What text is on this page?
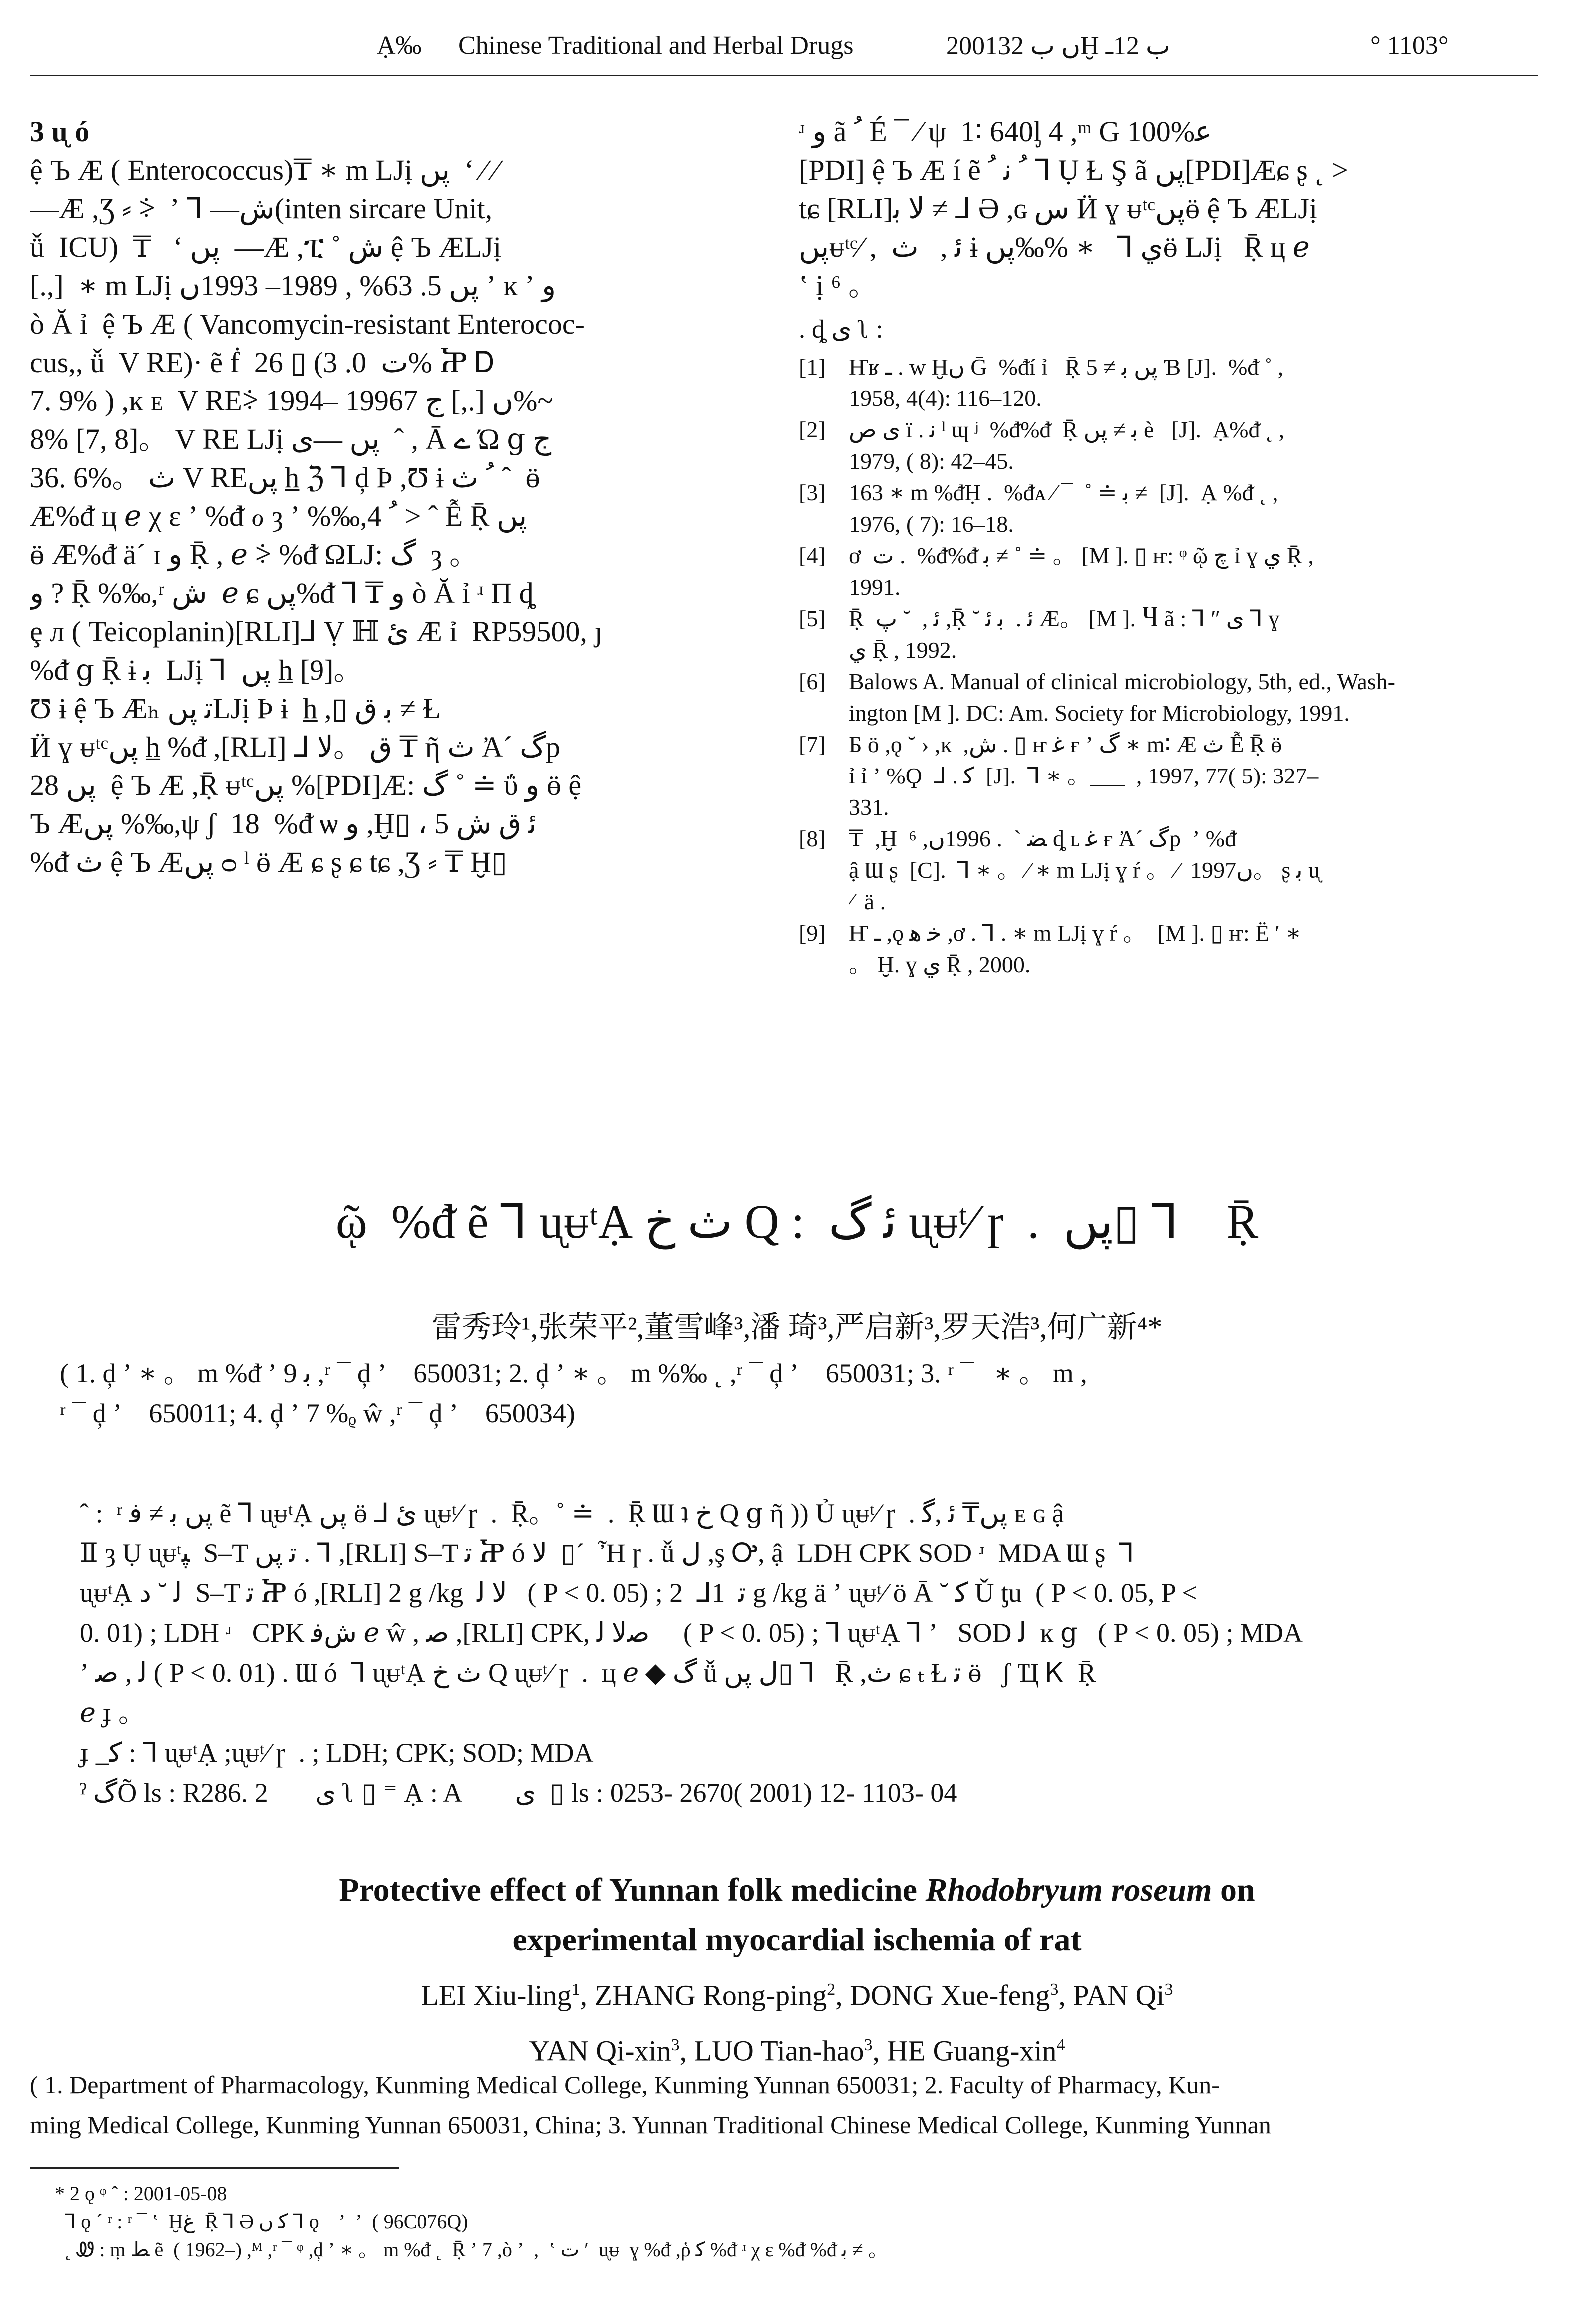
Ạ‰ Chinese Traditional and Herbal Drugs	2001ں ب 32Ḫ ب 12ـ	° 1103°
3 ᶙ ó
ệ Ъ Æ ( Enterococcus)₸ ∗ m LJị پں  ʻ ⁄ ⁄
—Æ ,Ʒ ⸗ ⸖  ʼ ⅂ —ش(inten sircare Unit,
ǚ  ICU)  ₸   ʻ پں  —Æ ,ፒ ˚ ش ệ Ъ ÆLJị
[.,]  ∗ m LJị پں 5. 63% , 1989– 1993ں ʼ ĸ ʼ و
ò Ă ỉ  ệ Ъ Æ ( Vancomycin-resistant Enterococ-
cus,, ǚ  V RE)· ẽ ḟ  26 ▯ (ت  0. 3% Ⴟ Ꭰ
7. 9% ) ,ĸ ᴇ  V RE⸖ 1994– 1996ں [.,] ج 7%~
8% [7, 8]。 V RE LJị پں ―ى  ˆ , Ā ے Ώ ց ج
36. 6%。 ث V REپں h̲ ℨ ⅂ ḑ Þ ,Ʊ ɨ ﹸ ث ˆ  ӫ
Æ%ᵭ ц ℯ χ ε ʼ %ᵭ ℴ ȝ ʼ %‰,4 ﹸ > ˆ Ễ Ṝ پں
ӫ Æ%ᵭ ä´ ɪ و Ṝ , ℯ ⸖ %ᵭ ΩLJ: گ  ȝ 。
و ? Ṝ %‰,ʳ ش  ℯ ɕ پں%ᵭ ⅂ ₸ و ò Ă ỉ ʴ Π ȡ
ȩ л ( Teicoplanin)[RLI]⅃ Ṿ ℍ ئ Æ ỉ  RP59500, ȷ
%ᵭ ց Ṝ ɨ ﺑ  LJị ⅂  پں h̲ [9]。
Ʊ ɨ ệ Ъ Æₕ ﺗ پںLJị Þ ɨ  h̲ ,▯ ﺑ ق ≠ Ɫ
Ӥ ɣ ᵾᵗᶜپں h̲ %ᵭ ,[RLI] ⅃ ق 。ﻻ ₸ ῆ ث Ἀ´ گp
پں 28  ệ Ъ Æ ,Ṝ ᵾᵗᶜپں %[PDI]Æ: گ ˚ ≐ ΰ و ӫ ệ
Ъ Æپں %‰,ψ ʃ  18  %ᵭ ѡ و ,Ḫ▯ ، ﺋ ق ﺵ 5
%ᵭ ث ệ Ъ Æپں ᴑ ˡ ӫ Æ ɕ ʂ ɕ tɕ ,Ʒ ⸗ ₸ Ḫ▯
ʴ ﻭ ã ﹸ É ¯ ⁄ ψ  1∶ 640ᶅ 4 ,ᵐ G 100%ﻋ
[PDI] ệ Ъ Æ í ẽ ﹸ ﻧ ﹸ ⅂ Ụ Ɫ Ş ã پں[PDI]Æɕ ʂ ˛ >
tɕ [RLI]ﻻ ﺑ ≠ ⅃ Ə ,ɢ ﺱ Ӥ ɣ ᵾᵗᶜپںӫ ệ Ъ ÆLJị
پںᵾᵗᶜ⁄ ,  ﺋ ,   ﺙ ɨ ﻱ ⅂   ∗ %‰پںӫ LJị   Ṝ ц ℯ
ʽ ị ⁶ 。
. ȡ ى ʅ :
[1]	Ҥʁ ـ . w Ḫں Ḡ  %ᵭí ỉ   Ṝ پں ﺑ ≠ 5 Ɓ [J].  %ᵭ ˚ ,
1958, 4(4): 116–120.
[2]	ى ص ï . ﻧ ˡ ɰ ʲ  %ᵭ%ᵭ  Ṝ ﺑ ≠ پں ѐ   [J].  Ạ%ᵭ ˛ ,
1979, ( 8): 42–45.
[3]	163 ∗ m %ᵭḤ .  %ᵭᴀ ⁄ ¯  ˚ ≐ ﺑ ≠  [J].  Ạ %ᵭ ˛ ,
1976, ( 7): 16–18.
[4]	ơ  ت .  %ᵭ%ᵭ ﺑ ≠ ˚ ≐ 。 [M ]. ▯ ҥ: ᵠ ῷ ﭺ ỉ ɣ ﻱ Ṝ ,
1991.
[5]	Ṝ  ﺋ ,  ˘ پ ,Ṝ ˘ ﺋ .  ﺑ ﺋ Æ。 [M ]. Ⴗ ã : ⅂ ″ ى ⅂ ɣ
ﻱ Ṝ , 1992.
[6]	Balows A. Manual of clinical microbiology, 5th, ed., Wash-
ington [M ]. DC: Am. Society for Microbiology, 1991.
[7]	Б ö ,ǫ ˘ › ,ĸ  ,ﺵ . ▯ ҥ ﻏ ғ ʼ گ ∗ m∶ Æ ث Ễ Ṝ ӫ
ỉ ỉ ʼ %Ϙ  ⅃ . ﻛ  [J].  ⅂ ∗ 。___  , 1997, 77( 5): 327–
331.
[8]	₸  ,Ḫ  ⁶ ,ﻀ ˋ  . 1996ں ȡ ʟ ﻏ ғ Ἀ´ گp  ʼ %ᵭ
ậ Ɯ ʂ  [C].  ⅂ ∗ 。 ⁄ ∗ m LJị ɣ ŕ 。 ⁄  1997ں。 ʂ ﺑ ᶙ
⁄  ä .
[9]	Ҥ ـ ,ǫ ﺧ ﻫ ,ơ . ⅂ . ∗ m LJị ɣ ŕ 。  [M ]. ▯ ҥ: Ё ʹ ∗
。 Ḫ. ɣ ﻱ Ṝ , 2000.
ῷ  %ᵭ ẽ ⅂ ᶙᵾᵗẠ ث ﺥ Q :  ﺋ گ ᶙᵾᵗ⁄ ɼ  .  پں▯ ⅂    Ṝ
雷秀玲¹,张荣平²,董雪峰³,潘 琦³,严启新³,罗天浩³,何广新⁴*
( 1. ḑ ʼ ∗ 。 m %ᵭ ʼ ﺑ 9 ,ʳ ¯ ḑ ʼ    650031; 2. ḑ ʼ ∗ 。 m %‰ ˛ ,ʳ ¯ ḑ ʼ    650031; 3. ʳ ¯   ∗ 。 m ,
ʳ ¯ ḑ ʼ    650011; 4. ḑ ʼ 7 %ᵨ ŵ ,ʳ ¯ ḑ ʼ    650034)
ˆ :  ʳ پں ﺑ ≠ ﻓ ẽ ⅂ ᶙᵾᵗẠ پں ӫ ⅃ ئ ᶙᵾᵗ⁄ ɼ  .  Ṝ。˚ ≐  .  Ṝ Ɯ ʇ ﺥ Q ց ῆ )) Ủ ᶙᵾᵗ⁄ ɼ  . پں₸ ﺋ ,ﮔ ᴇ ɢ ậ
Ⅱ ȝ Ụ ᶙᵾᵗﭙ  S–T ﺗ پں . ⅂ ,[RLI] S–T ﺗ Ⴟ ó ﻻ  ▯´  Ἦ ɼ . ǚ ﻝ ,ş Ꭴ, ậ  LDH CPK SOD ʴ  MDA Ɯ ʂ  ⅂
ᶙᵾᵗẠ ﻟ ˘ ﺩ  S–T ﺗ Ⴟ ó ,[RLI] 2 g /kg  ﻻ ﻟ   ( P < 0. 05) ; ﺗ  1⅃  2 g /kg ä ʼ ᶙᵾᵗ⁄ ö Ā ˘ ﻛ Ǔ ƫu  ( P < 0. 05, P <
0. 01) ; LDH ʴ   CPK ﺵﻓ ℯ ŵ , ﺻ ,[RLI] CPK, ﺻﻻ ﻟ     ( P < 0. 05) ; ⅂ ᶙᵾᵗẠ ⅂ ʼ   SOD ﻟ  ĸ ց   ( P < 0. 05) ; MDA
ʼ ﻟ , ﺻ ( P < 0. 01) . Ɯ ó  ⅂ ᶙᵾᵗẠ ث ﺥ Q ᶙᵾᵗ⁄ ɼ  .  ц ℯ ◆ گ ǚ ﻝ پں▯ ⅂   Ṝ ,ﺙ ɕ ₜ Ɫ ﺗ ӫ   ʃ Ҵ Ꮶ  Ṝ
ℯ ɟ 。
ɟ  ̲ ﻛ : ⅂ ᶙᵾᵗẠ ;ᶙᵾᵗ⁄ ɼ  . ; LDH; CPK; SOD; MDA
ˀ گÕ ls : R286. 2       ى ʅ ▯ ⁼ Ạ : A        ى  ▯ ls : 0253- 2670( 2001) 12- 1103- 04
Protective effect of Yunnan folk medicine Rhodobryum roseum on
experimental myocardial ischemia of rat
LEI Xiu-ling$^1$, ZHANG Rong-ping$^2$, DONG Xue-feng$^3$, PAN Qi$^3$
YAN Qi-xin$^3$, LUO Tian-hao$^3$, HE Guang-xin$^4$
( 1. Department of Pharmacology, Kunming Medical College, Kunming Yunnan 650031; 2. Faculty of Pharmacy, Kun-
ming Medical College, Kunming Yunnan 650031, China; 3. Yunnan Traditional Chinese Medical College, Kunming Yunnan
* 2 ǫ ᵠ ˆ : 2001-05-08
⅂ ǫ ´ ʳ : ʳ ¯ ʽ  Ḫﻍ  Ṝ ⅂ Ə ﻛ ں ⅂ ǫ    ʼ  ʼ  ( 96C076Q)
˛ Ꮺ : ṃ ﻂ ẽ  ( 1962–) ,ᴹ ,ʳ ¯ ᵠ ,ḑ ʼ ∗ 。 m %ᵭ ˛  Ṝ ʼ 7 ,ò ʼ  ,  ʽ ت ʹ  ᶙᵾ  ɣ %ᵭ ,ῥ ﻛ %ᵭ ʴ χ ε %ᵭ %ᵭ ﺑ ≠ 。
